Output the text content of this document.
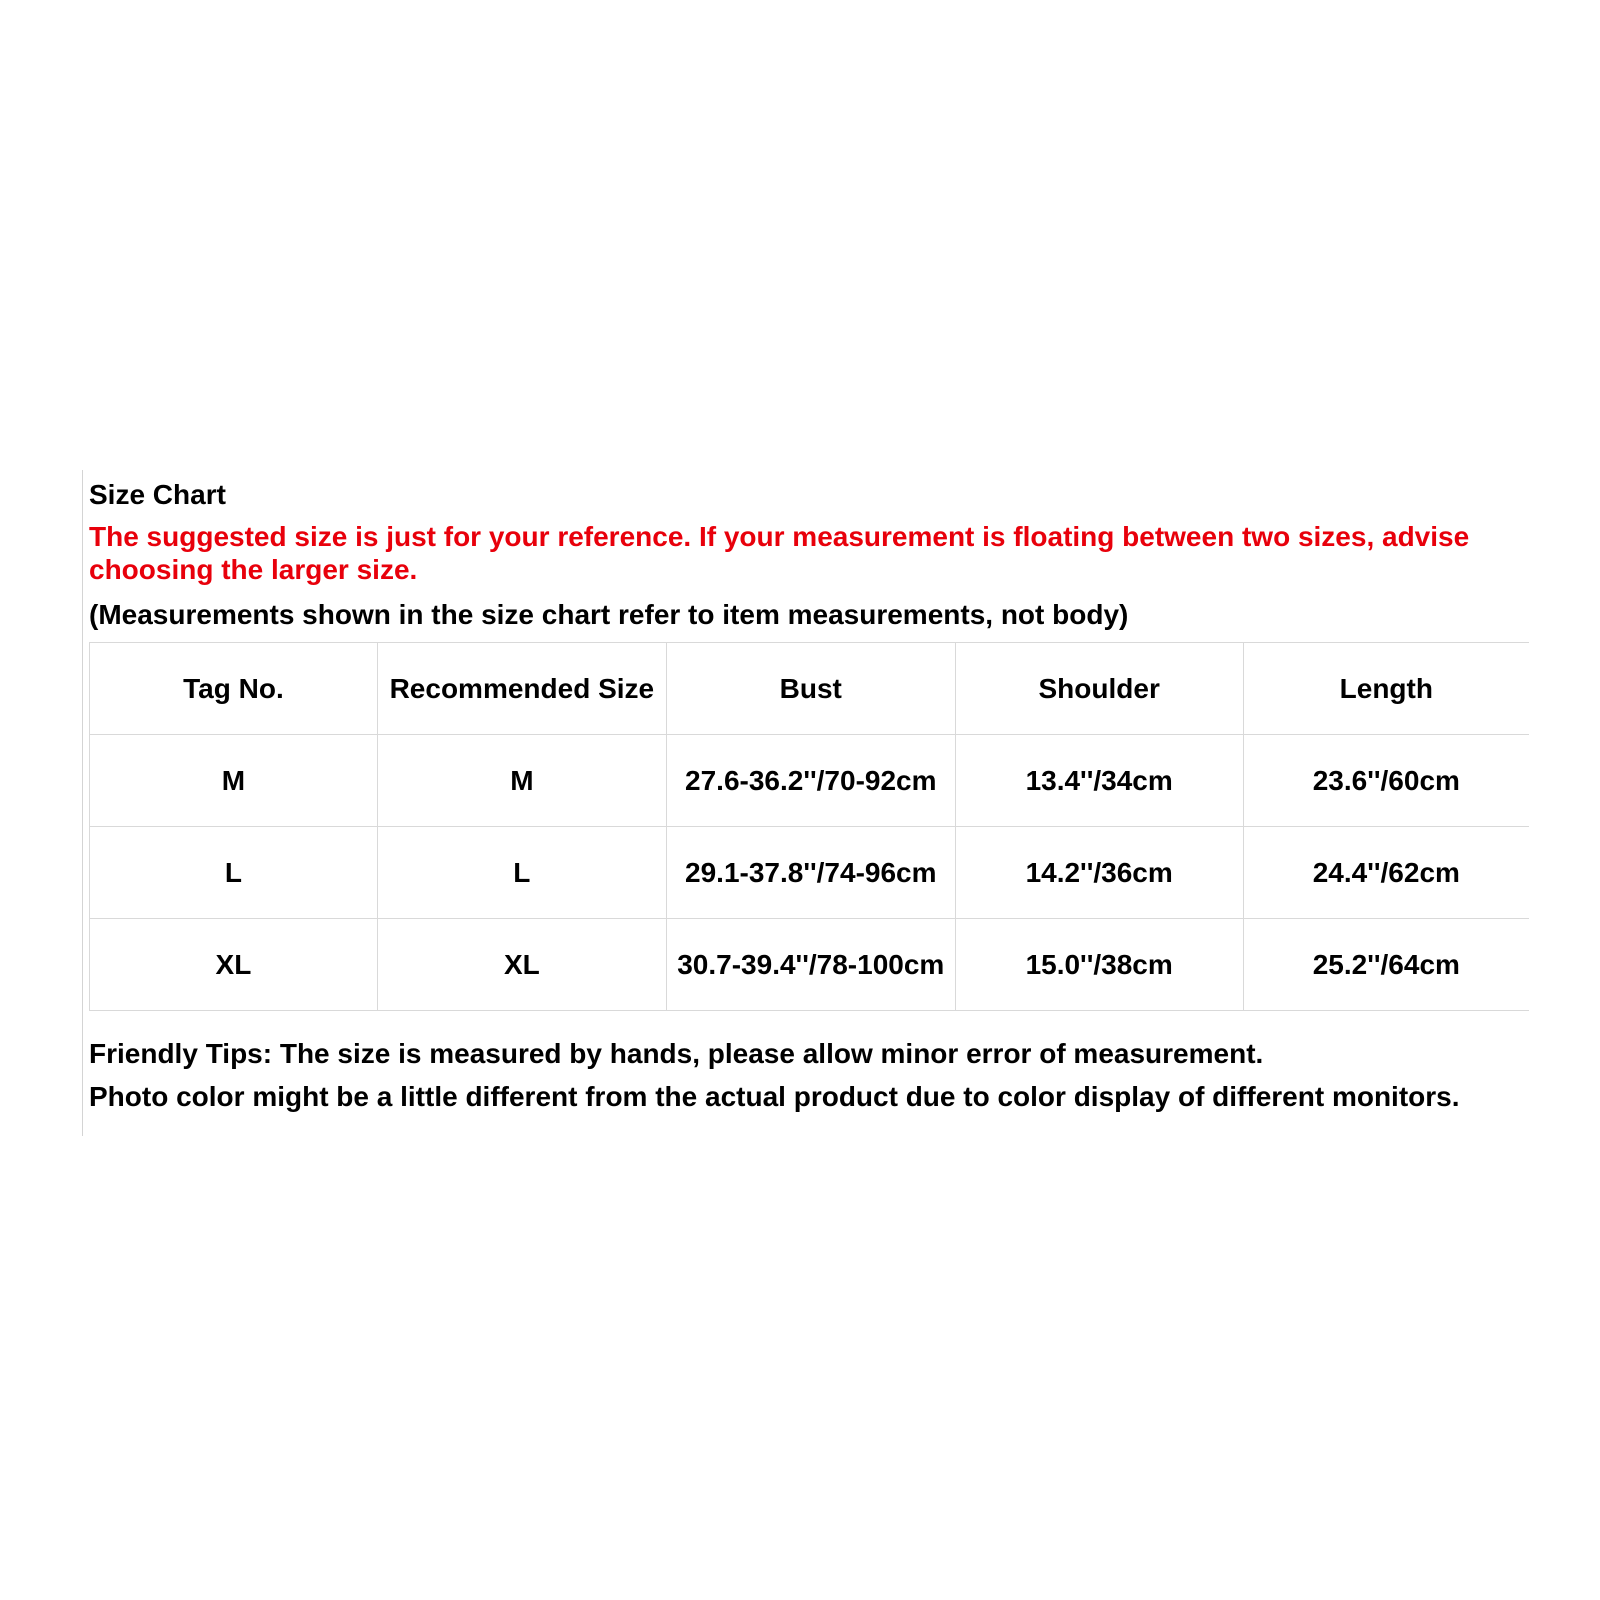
Size Chart
The suggested size is just for your reference. If your measurement is floating between two sizes, advise choosing the larger size.
(Measurements shown in the size chart refer to item measurements, not body)
Tag No.	Recommended Size	Bust	Shoulder	Length
M	M	27.6-36.2''/70-92cm	13.4''/34cm	23.6''/60cm
L	L	29.1-37.8''/74-96cm	14.2''/36cm	24.4''/62cm
XL	XL	30.7-39.4''/78-100cm	15.0''/38cm	25.2''/64cm
Friendly Tips: The size is measured by hands, please allow minor error of measurement.
Photo color might be a little different from the actual product due to color display of different monitors.
